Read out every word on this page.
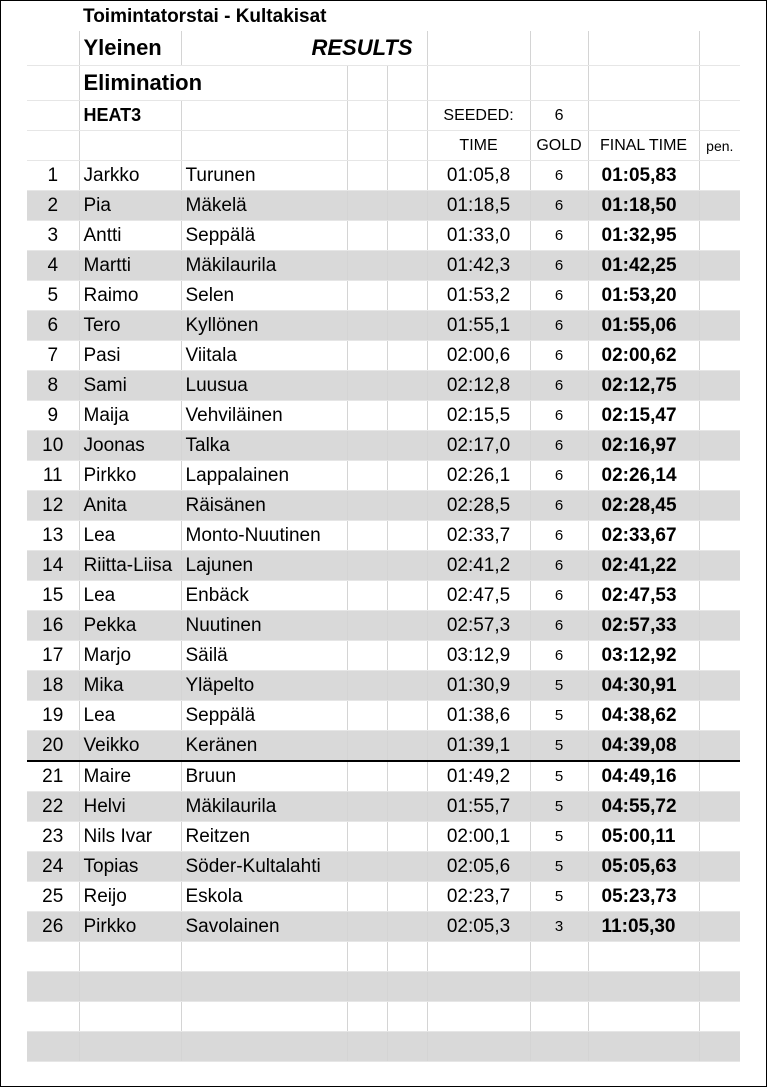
Toimintatorstai - Kultakisat
	Yleinen	RESULTS						
	Elimination							
	HEAT3				SEEDED:	6		
					TIME	GOLD	FINAL TIME	pen.
1	Jarkko	Turunen			01:05,8	6	01:05,83	
2	Pia	Mäkelä			01:18,5	6	01:18,50	
3	Antti	Seppälä			01:33,0	6	01:32,95	
4	Martti	Mäkilaurila			01:42,3	6	01:42,25	
5	Raimo	Selen			01:53,2	6	01:53,20	
6	Tero	Kyllönen			01:55,1	6	01:55,06	
7	Pasi	Viitala			02:00,6	6	02:00,62	
8	Sami	Luusua			02:12,8	6	02:12,75	
9	Maija	Vehviläinen			02:15,5	6	02:15,47	
10	Joonas	Talka			02:17,0	6	02:16,97	
11	Pirkko	Lappalainen			02:26,1	6	02:26,14	
12	Anita	Räisänen			02:28,5	6	02:28,45	
13	Lea	Monto-Nuutinen			02:33,7	6	02:33,67	
14	Riitta-Liisa	Lajunen			02:41,2	6	02:41,22	
15	Lea	Enbäck			02:47,5	6	02:47,53	
16	Pekka	Nuutinen			02:57,3	6	02:57,33	
17	Marjo	Säilä			03:12,9	6	03:12,92	
18	Mika	Yläpelto			01:30,9	5	04:30,91	
19	Lea	Seppälä			01:38,6	5	04:38,62	
20	Veikko	Keränen			01:39,1	5	04:39,08	
21	Maire	Bruun			01:49,2	5	04:49,16	
22	Helvi	Mäkilaurila			01:55,7	5	04:55,72	
23	Nils Ivar	Reitzen			02:00,1	5	05:00,11	
24	Topias	Söder-Kultalahti			02:05,6	5	05:05,63	
25	Reijo	Eskola			02:23,7	5	05:23,73	
26	Pirkko	Savolainen			02:05,3	3	11:05,30	
